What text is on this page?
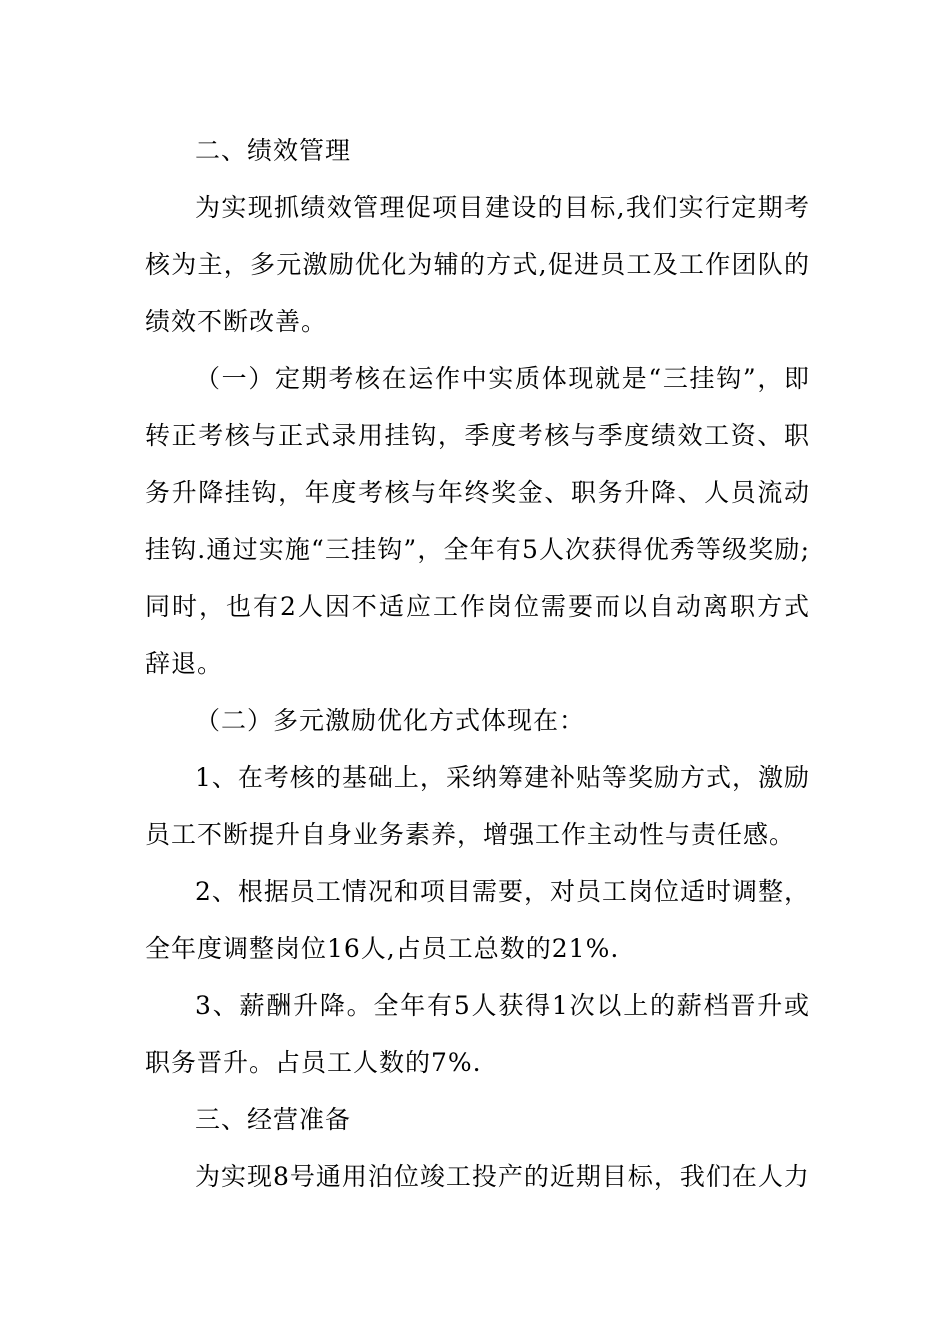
二、绩效管理

为实现抓绩效管理促项目建设的目标,我们实行定期考核为主，多元激励优化为辅的方式,促进员工及工作团队的绩效不断改善。

（一）定期考核在运作中实质体现就是“三挂钩”，即转正考核与正式录用挂钩，季度考核与季度绩效工资、职务升降挂钩，年度考核与年终奖金、职务升降、人员流动挂钩.通过实施“三挂钩”，全年有5人次获得优秀等级奖励;同时，也有2人因不适应工作岗位需要而以自动离职方式辞退。

（二）多元激励优化方式体现在：

1、在考核的基础上，采纳筹建补贴等奖励方式，激励员工不断提升自身业务素养，增强工作主动性与责任感。

2、根据员工情况和项目需要，对员工岗位适时调整，全年度调整岗位16人,占员工总数的21%.

3、薪酬升降。全年有5人获得1次以上的薪档晋升或职务晋升。占员工人数的7%.

三、经营准备

为实现8号通用泊位竣工投产的近期目标，我们在人力
